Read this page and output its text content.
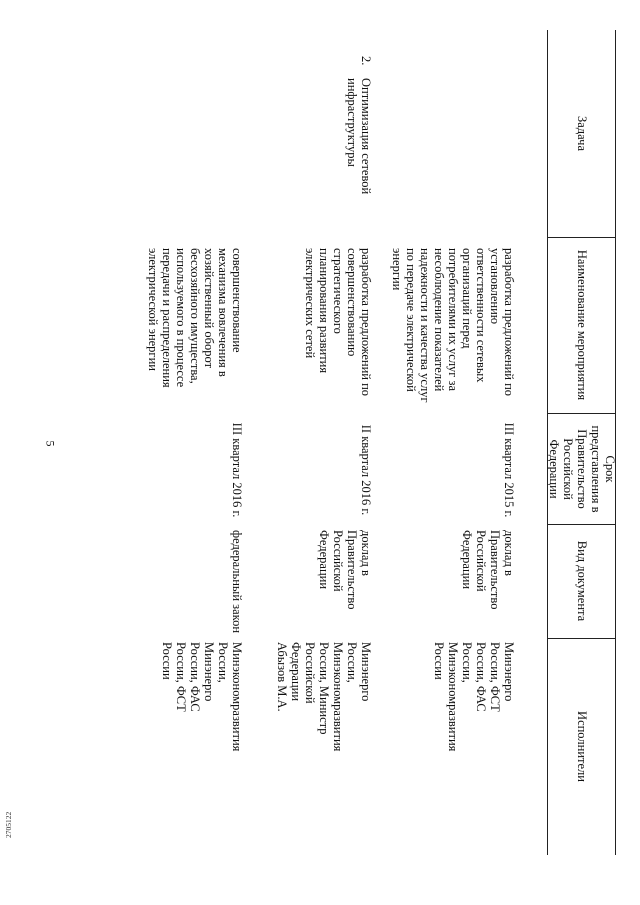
5
2705122
Задача
Наименование мероприятия
Срок представления в Правительство Российской Федерации
Вид документа
Исполнители
разработка предложений по установлению ответственности сетевых организаций перед потребителями их услуг за несоблюдение показателей надежности и качества услуг по передаче электрической энергии
III квартал 2015 г.
доклад в Правительство Российской Федерации
Минэнерго России, ФСТ России, ФАС России, Минэкономразвития России
2.
Оптимизация сетевой инфраструктуры
разработка предложений по совершенствованию стратегического планирования развития электрических сетей
II квартал 2016 г.
доклад в Правительство Российской Федерации
Минэнерго России, Минэкономразвития России, Министр Российской Федерации Абызов М.А.
совершенствование механизма вовлечения в хозяйственный оборот бесхозяйного имущества, используемого в процессе передачи и распределения электрической энергии
III квартал 2016 г.
федеральный закон
Минэкономразвития России, Минэнерго России, ФАС России, ФСТ России
